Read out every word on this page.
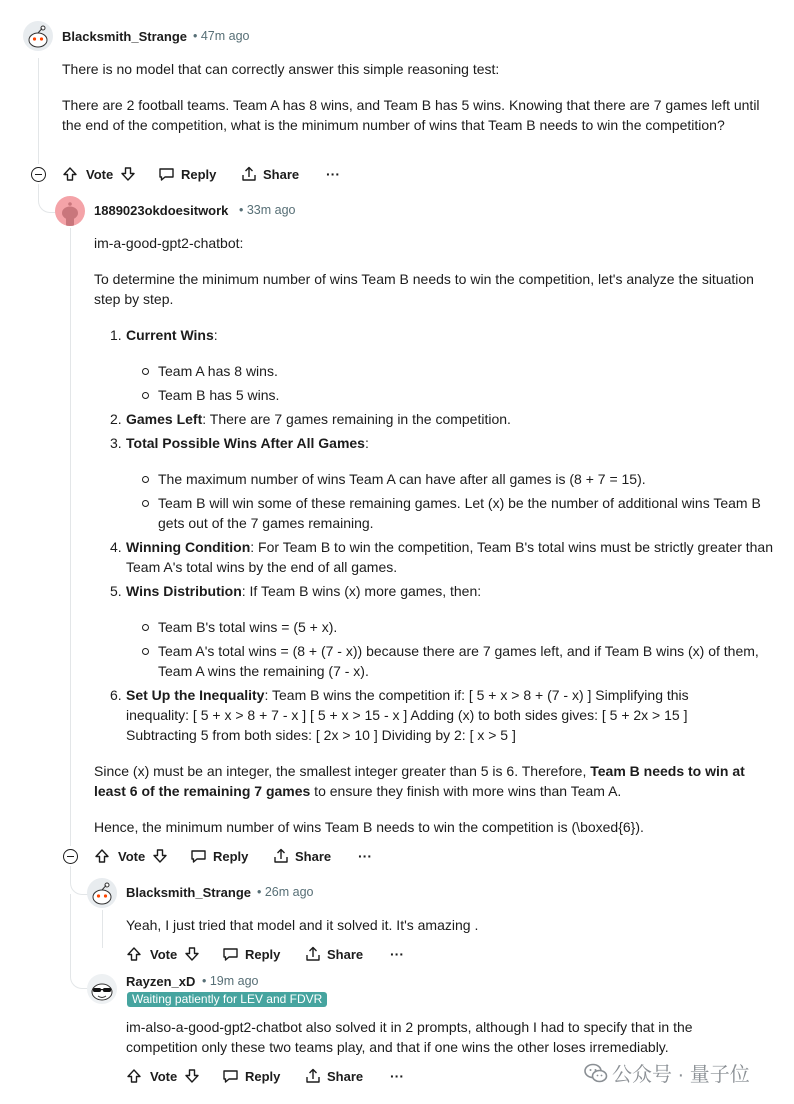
Blacksmith_Strange • 47m ago

There is no model that can correctly answer this simple reasoning test:

There are 2 football teams. Team A has 8 wins, and Team B has 5 wins. Knowing that there are 7 games left until the end of the competition, what is the minimum number of wins that Team B needs to win the competition?

Vote	Reply	Share ···
1889023okdoesitwork • 33m ago

im-a-good-gpt2-chatbot:

To determine the minimum number of wins Team B needs to win the competition, let's analyze the situation step by step.

1. Current Wins:

Team A has 8 wins.

Team B has 5 wins.

2. Games Left: There are 7 games remaining in the competition.

3. Total Possible Wins After All Games:

The maximum number of wins Team A can have after all games is (8 + 7 = 15).

Team B will win some of these remaining games. Let (x) be the number of additional wins Team B gets out of the 7 games remaining.

4. Winning Condition: For Team B to win the competition, Team B's total wins must be strictly greater than Team A's total wins by the end of all games.

5. Wins Distribution: If Team B wins (x) more games, then:

Team B's total wins = (5 + x).

Team A's total wins = (8 + (7 - x)) because there are 7 games left, and if Team B wins (x) of them, Team A wins the remaining (7 - x).

6. Set Up the Inequality: Team B wins the competition if: [ 5 + x > 8 + (7 - x) ] Simplifying this inequality: [ 5 + x > 8 + 7 - x ] [ 5 + x > 15 - x ] Adding (x) to both sides gives: [ 5 + 2x > 15 ] Subtracting 5 from both sides: [ 2x > 10 ] Dividing by 2: [ x > 5 ]

Since (x) must be an integer, the smallest integer greater than 5 is 6. Therefore, Team B needs to win at least 6 of the remaining 7 games to ensure they finish with more wins than Team A.

Hence, the minimum number of wins Team B needs to win the competition is (\boxed{6}).

Vote	Reply	Share ···
Blacksmith_Strange • 26m ago

Yeah, I just tried that model and it solved it. It's amazing .

Vote	Reply	Share ···
Rayzen_xD • 19m ago
Waiting patiently for LEV and FDVR

im-also-a-good-gpt2-chatbot also solved it in 2 prompts, although I had to specify that in the competition only these two teams play, and that if one wins the other loses irremediably.

Vote	Reply	Share ···	公众号 · 量子位
